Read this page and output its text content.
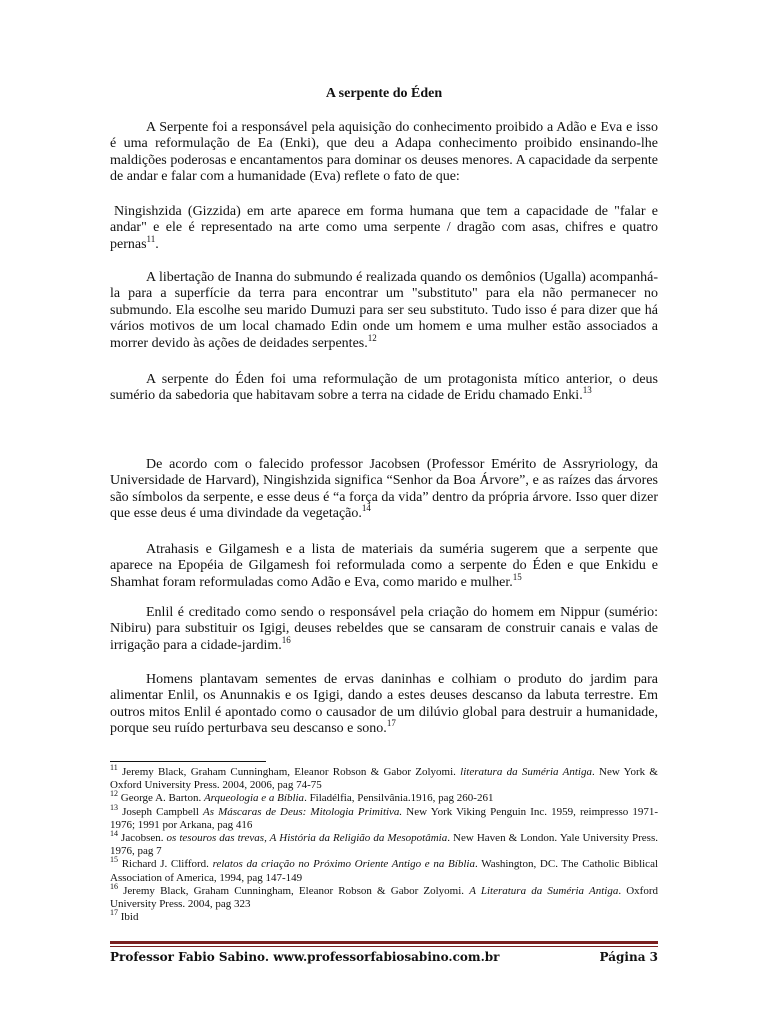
A serpente do Éden

A Serpente foi a responsável pela aquisição do conhecimento proibido a Adão e Eva e isso é uma reformulação de Ea (Enki), que deu a Adapa conhecimento proibido ensinando-lhe maldições poderosas e encantamentos para dominar os deuses menores. A capacidade da serpente de andar e falar com a humanidade (Eva) reflete o fato de que:

Ningishzida (Gizzida) em arte aparece em forma humana que tem a capacidade de "falar e andar" e ele é representado na arte como uma serpente / dragão com asas, chifres e quatro pernas$^{11}$.

A libertação de Inanna do submundo é realizada quando os demônios (Ugalla) acompanhá-la para a superfície da terra para encontrar um "substituto" para ela não permanecer no submundo. Ela escolhe seu marido Dumuzi para ser seu substituto. Tudo isso é para dizer que há vários motivos de um local chamado Edin onde um homem e uma mulher estão associados a morrer devido às ações de deidades serpentes.$^{12}$

A serpente do Éden foi uma reformulação de um protagonista mítico anterior, o deus sumério da sabedoria que habitavam sobre a terra na cidade de Eridu chamado Enki.$^{13}$

De acordo com o falecido professor Jacobsen (Professor Emérito de Assryriology, da Universidade de Harvard), Ningishzida significa “Senhor da Boa Árvore”, e as raízes das árvores são símbolos da serpente, e esse deus é “a força da vida” dentro da própria árvore. Isso quer dizer que esse deus é uma divindade da vegetação.$^{14}$

Atrahasis e Gilgamesh e a lista de materiais da suméria sugerem que a serpente que aparece na Epopéia de Gilgamesh foi reformulada como a serpente do Éden e que Enkidu e Shamhat foram reformuladas como Adão e Eva, como marido e mulher.$^{15}$

Enlil é creditado como sendo o responsável pela criação do homem em Nippur (sumério: Nibiru) para substituir os Igigi, deuses rebeldes que se cansaram de construir canais e valas de irrigação para a cidade-jardim.$^{16}$

Homens plantavam sementes de ervas daninhas e colhiam o produto do jardim para alimentar Enlil, os Anunnakis e os Igigi, dando a estes deuses descanso da labuta terrestre. Em outros mitos Enlil é apontado como o causador de um dilúvio global para destruir a humanidade, porque seu ruído perturbava seu descanso e sono.$^{17}$

$^{11}$ Jeremy Black, Graham Cunningham, Eleanor Robson & Gabor Zolyomi. literatura da Suméria Antiga. New York & Oxford University Press. 2004, 2006, pag 74-75

$^{12}$ George A. Barton. Arqueologia e a Bíblia. Filadélfia, Pensilvânia.1916, pag 260-261

$^{13}$ Joseph Campbell As Máscaras de Deus: Mitologia Primitiva. New York Viking Penguin Inc. 1959, reimpresso 1971-1976; 1991 por Arkana, pag 416

$^{14}$ Jacobsen. os tesouros das trevas, A História da Religião da Mesopotâmia. New Haven & London. Yale University Press. 1976, pag 7

$^{15}$ Richard J. Clifford. relatos da criação no Próximo Oriente Antigo e na Bíblia. Washington, DC. The Catholic Biblical Association of America, 1994, pag 147-149

$^{16}$ Jeremy Black, Graham Cunningham, Eleanor Robson & Gabor Zolyomi. A Literatura da Suméria Antiga. Oxford University Press. 2004, pag 323

$^{17}$ Ibid

Professor Fabio Sabino. www.professorfabiosabino.com.br	Página 3
